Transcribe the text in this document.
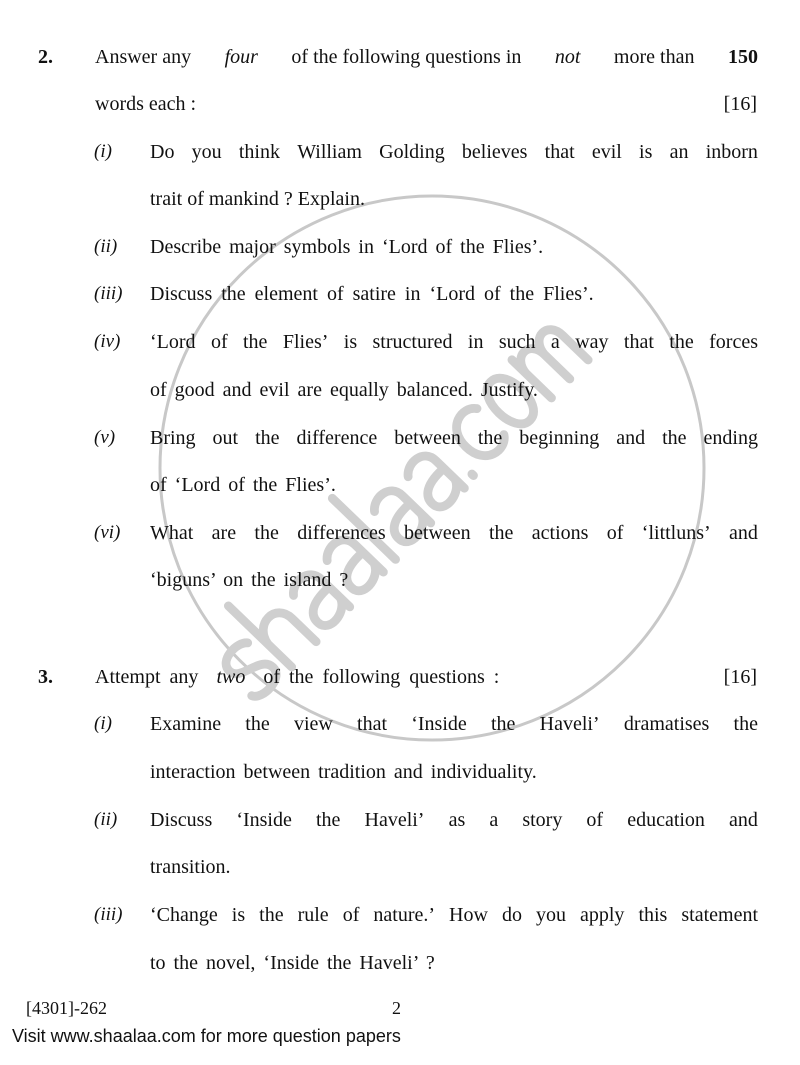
2. Answer any four of the following questions in not more than 150
words each :	[16]
(i) Do you think William Golding believes that evil is an inborn
trait of mankind ? Explain.
(ii) Describe major symbols in ‘Lord of the Flies’.
(iii) Discuss the element of satire in ‘Lord of the Flies’.
(iv) ‘Lord of the Flies’ is structured in such a way that the forces
of good and evil are equally balanced. Justify.
(v) Bring out the difference between the beginning and the ending
of ‘Lord of the Flies’.
(vi) What are the differences between the actions of ‘littluns’ and
‘biguns’ on the island ?
3. Attempt any two of the following questions :	[16]
(i) Examine the view that ‘Inside the Haveli’ dramatises the
interaction between tradition and individuality.
(ii) Discuss ‘Inside the Haveli’ as a story of education and
transition.
(iii) ‘Change is the rule of nature.’ How do you apply this statement
to the novel, ‘Inside the Haveli’ ?
[4301]-262	2
Visit www.shaalaa.com for more question papers
